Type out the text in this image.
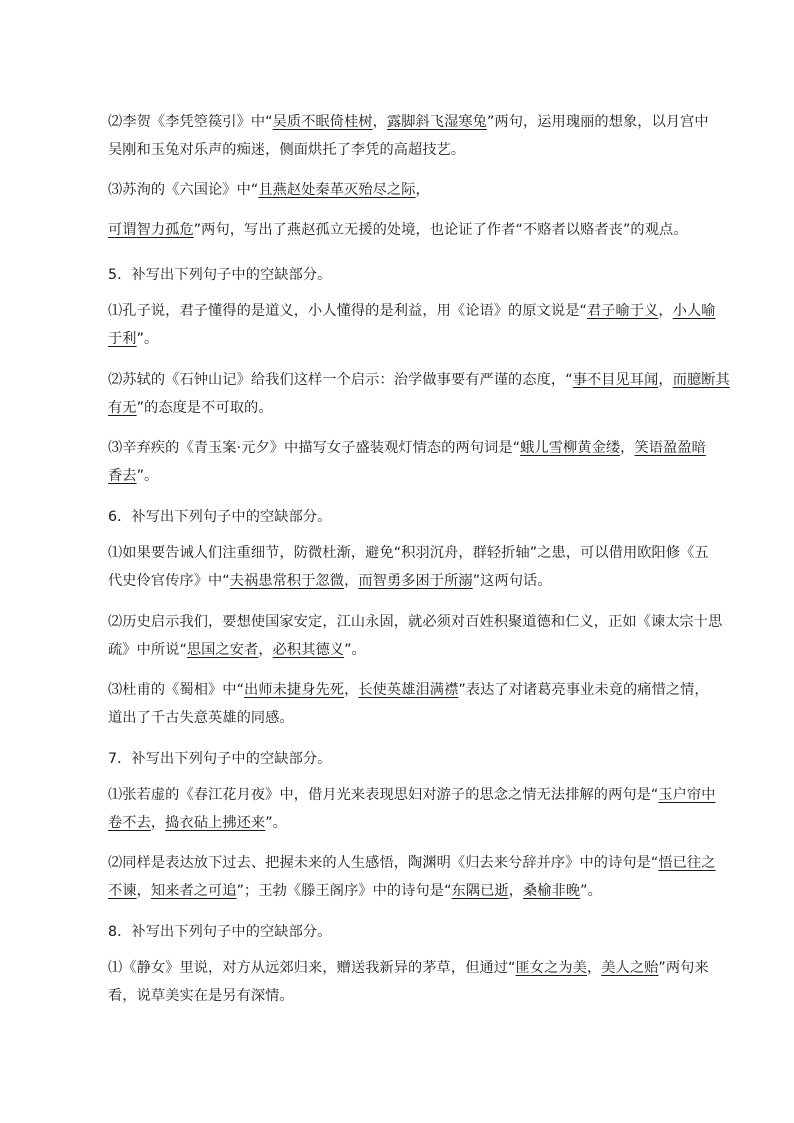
⑵李贺《李凭箜篌引》中“吴质不眠倚桂树，露脚斜飞湿寒兔”两句，运用瑰丽的想象，以月宫中
吴刚和玉兔对乐声的痴迷，侧面烘托了李凭的高超技艺。
⑶苏洵的《六国论》中“且燕赵处秦革灭殆尽之际，
可谓智力孤危”两句，写出了燕赵孤立无援的处境，也论证了作者“不赂者以赂者丧”的观点。
5．补写出下列句子中的空缺部分。
⑴孔子说，君子懂得的是道义，小人懂得的是利益，用《论语》的原文说是“君子喻于义，小人喻
于利”。
⑵苏轼的《石钟山记》给我们这样一个启示：治学做事要有严谨的态度，“事不目见耳闻，而臆断其
有无”的态度是不可取的。
⑶辛弃疾的《青玉案·元夕》中描写女子盛装观灯情态的两句词是“蛾儿雪柳黄金缕，笑语盈盈暗
香去”。
6．补写出下列句子中的空缺部分。
⑴如果要告诫人们注重细节，防微杜渐，避免“积羽沉舟，群轻折轴”之患，可以借用欧阳修《五
代史伶官传序》中“夫祸患常积于忽微，而智勇多困于所溺”这两句话。
⑵历史启示我们，要想使国家安定，江山永固，就必须对百姓积聚道德和仁义，正如《谏太宗十思
疏》中所说“思国之安者，必积其德义”。
⑶杜甫的《蜀相》中“出师未捷身先死，长使英雄泪满襟”表达了对诸葛亮事业未竟的痛惜之情，
道出了千古失意英雄的同感。
7．补写出下列句子中的空缺部分。
⑴张若虚的《春江花月夜》中，借月光来表现思妇对游子的思念之情无法排解的两句是“玉户帘中
卷不去，捣衣砧上拂还来”。
⑵同样是表达放下过去、把握未来的人生感悟，陶渊明《归去来兮辞并序》中的诗句是“悟已往之
不谏，知来者之可追”；王勃《滕王阁序》中的诗句是“东隅已逝，桑榆非晚”。
8．补写出下列句子中的空缺部分。
⑴《静女》里说，对方从远郊归来，赠送我新异的茅草，但通过“匪女之为美，美人之贻”两句来
看，说草美实在是另有深情。
